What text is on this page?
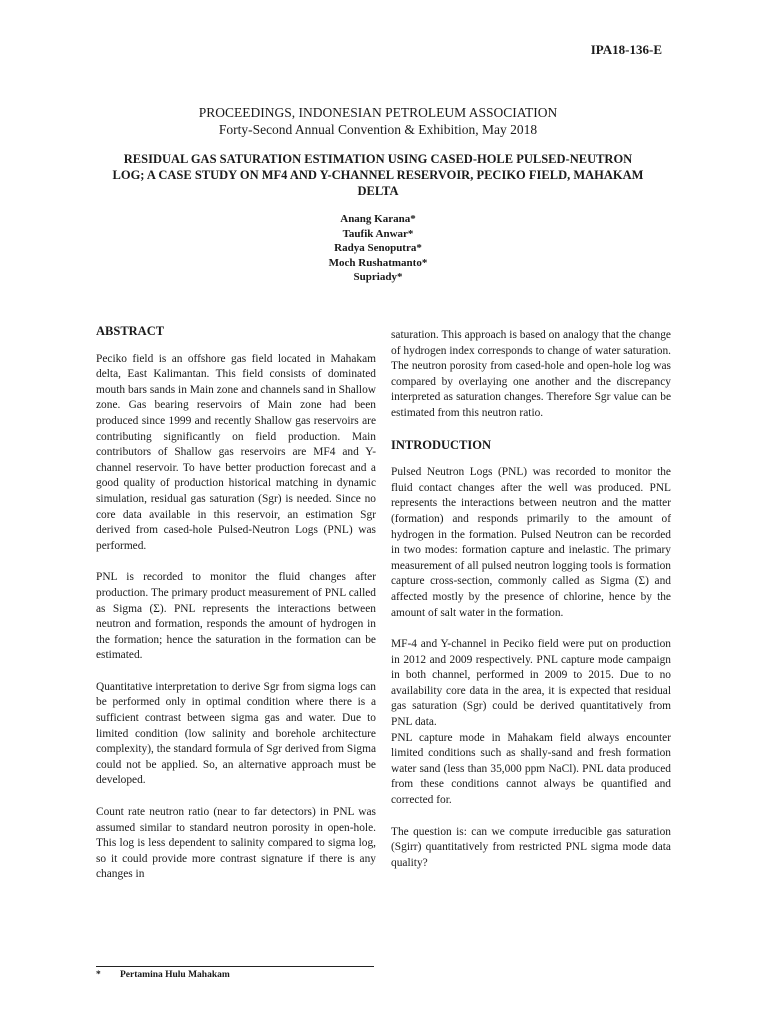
IPA18-136-E
PROCEEDINGS, INDONESIAN PETROLEUM ASSOCIATION
Forty-Second Annual Convention & Exhibition, May 2018
RESIDUAL GAS SATURATION ESTIMATION USING CASED-HOLE PULSED-NEUTRON LOG; A CASE STUDY ON MF4 AND Y-CHANNEL RESERVOIR, PECIKO FIELD, MAHAKAM DELTA
Anang Karana*
Taufik Anwar*
Radya Senoputra*
Moch Rushatmanto*
Supriady*
ABSTRACT

Peciko field is an offshore gas field located in Mahakam delta, East Kalimantan. This field consists of dominated mouth bars sands in Main zone and channels sand in Shallow zone. Gas bearing reservoirs of Main zone had been produced since 1999 and recently Shallow gas reservoirs are contributing significantly on field production. Main contributors of Shallow gas reservoirs are MF4 and Y-channel reservoir. To have better production forecast and a good quality of production historical matching in dynamic simulation, residual gas saturation (Sgr) is needed. Since no core data available in this reservoir, an estimation Sgr derived from cased-hole Pulsed-Neutron Logs (PNL) was performed.

PNL is recorded to monitor the fluid changes after production. The primary product measurement of PNL called as Sigma (Σ). PNL represents the interactions between neutron and formation, responds the amount of hydrogen in the formation; hence the saturation in the formation can be estimated.

Quantitative interpretation to derive Sgr from sigma logs can be performed only in optimal condition where there is a sufficient contrast between sigma gas and water. Due to limited condition (low salinity and borehole architecture complexity), the standard formula of Sgr derived from Sigma could not be applied. So, an alternative approach must be developed.

Count rate neutron ratio (near to far detectors) in PNL was assumed similar to standard neutron porosity in open-hole. This log is less dependent to salinity compared to sigma log, so it could provide more contrast signature if there is any changes in

saturation. This approach is based on analogy that the change of hydrogen index corresponds to change of water saturation. The neutron porosity from cased-hole and open-hole log was compared by overlaying one another and the discrepancy interpreted as saturation changes. Therefore Sgr value can be estimated from this neutron ratio.

INTRODUCTION

Pulsed Neutron Logs (PNL) was recorded to monitor the fluid contact changes after the well was produced. PNL represents the interactions between neutron and the matter (formation) and responds primarily to the amount of hydrogen in the formation. Pulsed Neutron can be recorded in two modes: formation capture and inelastic. The primary measurement of all pulsed neutron logging tools is formation capture cross-section, commonly called as Sigma (Σ) and affected mostly by the presence of chlorine, hence by the amount of salt water in the formation.

MF-4 and Y-channel in Peciko field were put on production in 2012 and 2009 respectively. PNL capture mode campaign in both channel, performed in 2009 to 2015. Due to no availability core data in the area, it is expected that residual gas saturation (Sgr) could be derived quantitatively from PNL data.

PNL capture mode in Mahakam field always encounter limited conditions such as shally-sand and fresh formation water sand (less than 35,000 ppm NaCl). PNL data produced from these conditions cannot always be quantified and corrected for.

The question is: can we compute irreducible gas saturation (Sgirr) quantitatively from restricted PNL sigma mode data quality?

* Pertamina Hulu Mahakam
